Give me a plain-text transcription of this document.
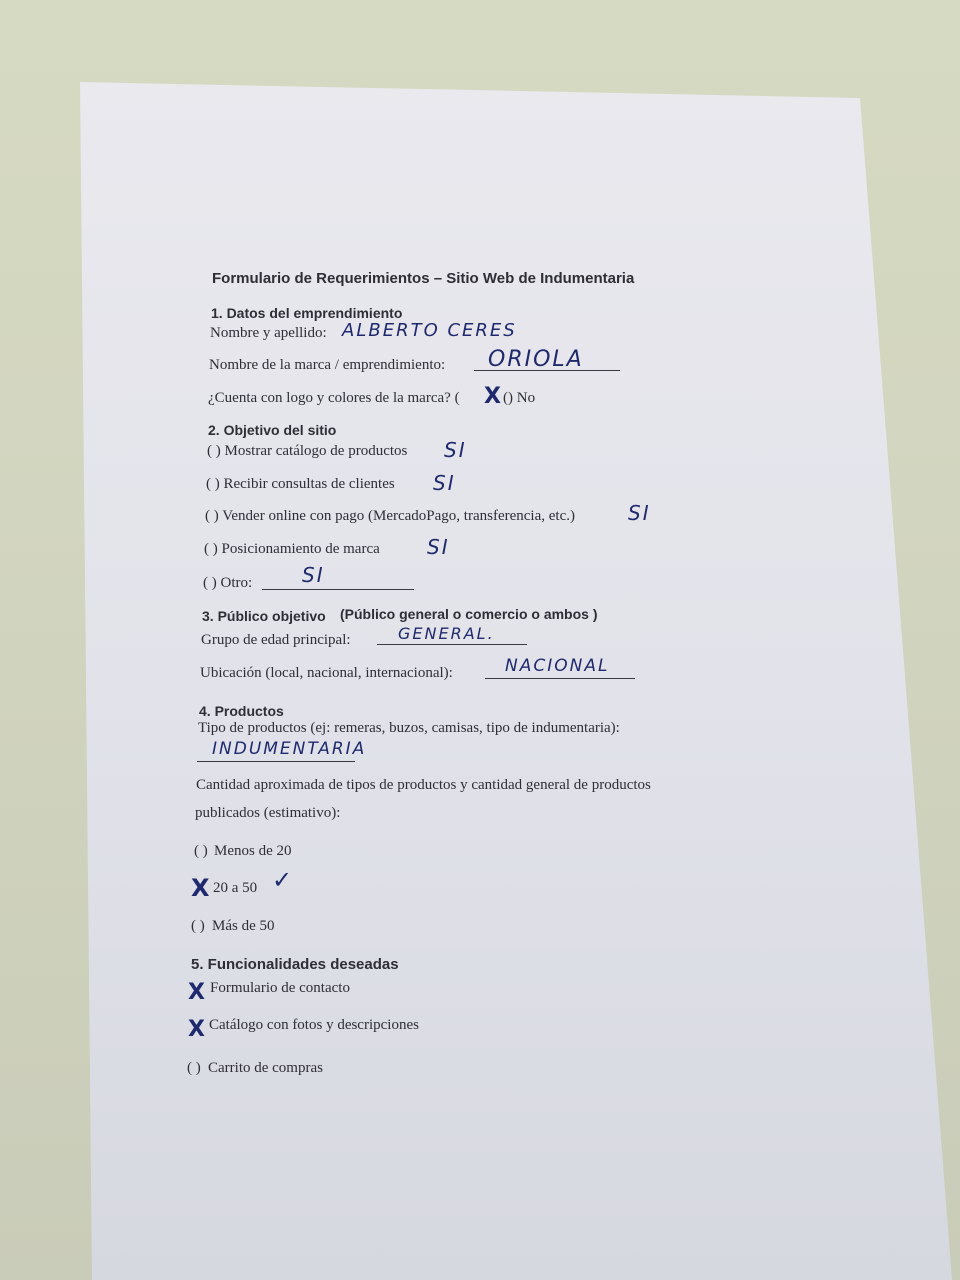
Formulario de Requerimientos – Sitio Web de Indumentaria
1. Datos del emprendimiento
Nombre y apellido: ALBERTO CERES
Nombre de la marca / emprendimiento: ORIOLA
¿Cuenta con logo y colores de la marca? ( X ( ) No
2. Objetivo del sitio
( ) Mostrar catálogo de productos SI
( ) Recibir consultas de clientes SI
( ) Vender online con pago (MercadoPago, transferencia, etc.)	SI
( ) Posicionamiento de marca SI
( ) Otro: SI
3. Público objetivo (Público general o comercio o ambos )
Grupo de edad principal:	GENERAL.
Ubicación (local, nacional, internacional):	NACIONAL
4. Productos
Tipo de productos (ej: remeras, buzos, camisas, tipo de indumentaria):
INDUMENTARIA
Cantidad aproximada de tipos de productos y cantidad general de productos
publicados (estimativo):
( ) Menos de 20
X 20 a 50 ✓
( ) Más de 50
5. Funcionalidades deseadas
X Formulario de contacto
X Catálogo con fotos y descripciones
( ) Carrito de compras
